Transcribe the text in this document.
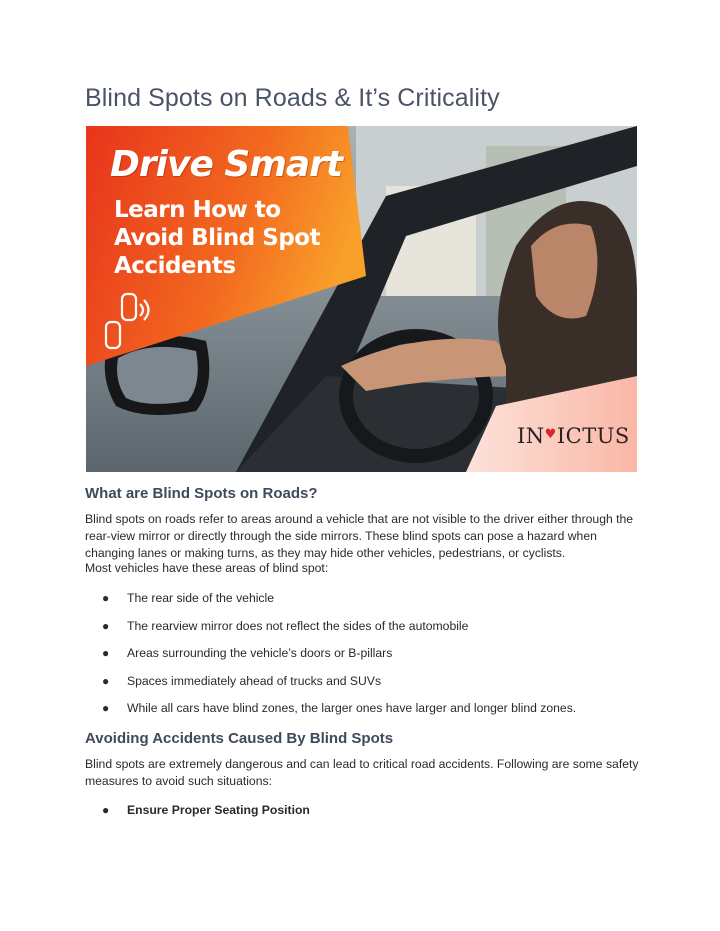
Blind Spots on Roads & It’s Criticality
Drive Smart
Learn How to
Avoid Blind Spot
Accidents
IN♥ICTUS
What are Blind Spots on Roads?

Blind spots on roads refer to areas around a vehicle that are not visible to the driver either through the rear-view mirror or directly through the side mirrors. These blind spots can pose a hazard when changing lanes or making turns, as they may hide other vehicles, pedestrians, or cyclists.

Most vehicles have these areas of blind spot:

● The rear side of the vehicle
● The rearview mirror does not reflect the sides of the automobile
● Areas surrounding the vehicle’s doors or B-pillars
● Spaces immediately ahead of trucks and SUVs
● While all cars have blind zones, the larger ones have larger and longer blind zones.
Avoiding Accidents Caused By Blind Spots

Blind spots are extremely dangerous and can lead to critical road accidents. Following are some safety measures to avoid such situations:

● Ensure Proper Seating Position
